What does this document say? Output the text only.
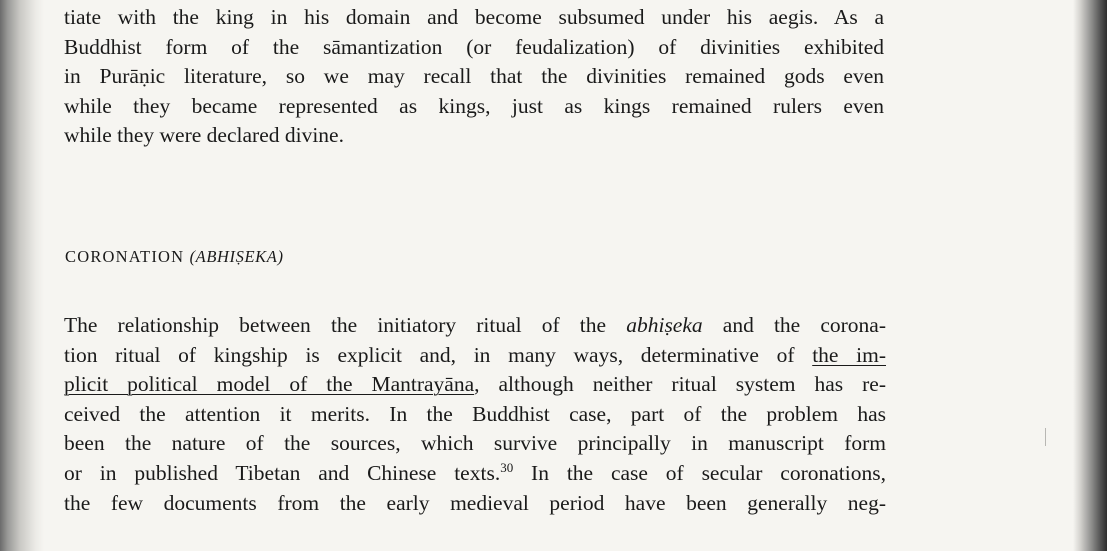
tiate with the king in his domain and become subsumed under his aegis. As a
Buddhist form of the sāmantization (or feudalization) of divinities exhibited
in Purāṇic literature, so we may recall that the divinities remained gods even
while they became represented as kings, just as kings remained rulers even
while they were declared divine.

CORONATION (ABHIṢEKA)

The relationship between the initiatory ritual of the abhiṣeka and the corona-
tion ritual of kingship is explicit and, in many ways, determinative of the im-
plicit political model of the Mantrayāna, although neither ritual system has re-
ceived the attention it merits. In the Buddhist case, part of the problem has
been the nature of the sources, which survive principally in manuscript form
or in published Tibetan and Chinese texts.$^{30}$ In the case of secular coronations,
the few documents from the early medieval period have been generally neg-
